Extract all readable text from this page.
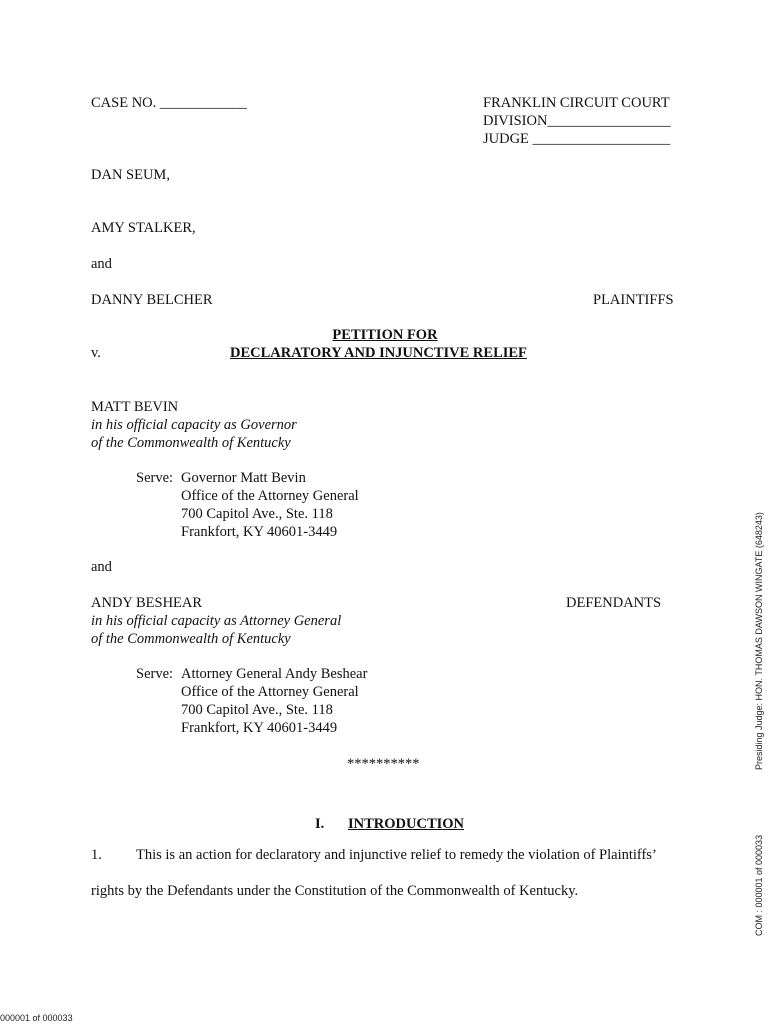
CASE NO. ____________	FRANKLIN CIRCUIT COURT
DIVISION_________________
JUDGE ___________________
DAN SEUM,
AMY STALKER,
and
DANNY BELCHER	PLAINTIFFS
PETITION FOR
v.	DECLARATORY AND INJUNCTIVE RELIEF
MATT BEVIN
in his official capacity as Governor
of the Commonwealth of Kentucky
Serve: Governor Matt Bevin
Office of the Attorney General
700 Capitol Ave., Ste. 118
Frankfort, KY 40601-3449
and
ANDY BESHEAR	DEFENDANTS
in his official capacity as Attorney General
of the Commonwealth of Kentucky
Serve: Attorney General Andy Beshear
Office of the Attorney General
700 Capitol Ave., Ste. 118
Frankfort, KY 40601-3449
**********
I. INTRODUCTION
1. This is an action for declaratory and injunctive relief to remedy the violation of Plaintiffs’
rights by the Defendants under the Constitution of the Commonwealth of Kentucky.
Presiding Judge: HON. THOMAS DAWSON WINGATE (648243)
COM : 000001 of 000033
000001 of 000033
